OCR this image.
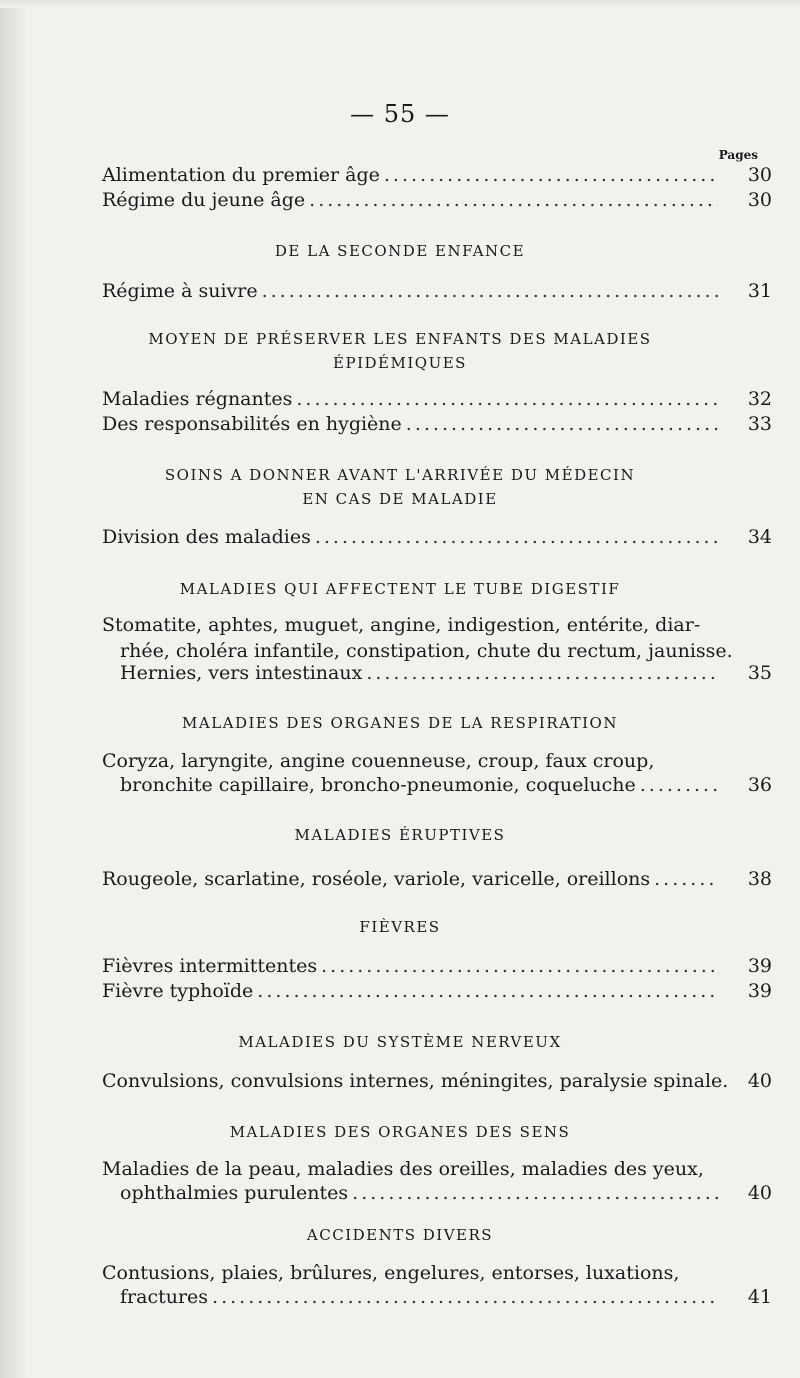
— 55 —
Pages
Alimentation du premier âge .....	30
Régime du jeune âge .....	30
DE LA SECONDE ENFANCE
Régime à suivre .....	31
MOYEN DE PRÉSERVER LES ENFANTS DES MALADIES
ÉPIDÉMIQUES
Maladies régnantes .....	32
Des responsabilités en hygiène .....	33
SOINS A DONNER AVANT L'ARRIVÉE DU MÉDECIN
EN CAS DE MALADIE
Division des maladies .....	34
MALADIES QUI AFFECTENT LE TUBE DIGESTIF
Stomatite, aphtes, muguet, angine, indigestion, entérite, diar-
rhée, choléra infantile, constipation, chute du rectum, jaunisse.
Hernies, vers intestinaux .....	35
MALADIES DES ORGANES DE LA RESPIRATION
Coryza, laryngite, angine couenneuse, croup, faux croup,
bronchite capillaire, broncho-pneumonie, coqueluche .....	36
MALADIES ÉRUPTIVES
Rougeole, scarlatine, roséole, variole, varicelle, oreillons .....	38
FIÈVRES
Fièvres intermittentes .....	39
Fièvre typhoïde .....	39
MALADIES DU SYSTÈME NERVEUX
Convulsions, convulsions internes, méningites, paralysie spinale.	40
MALADIES DES ORGANES DES SENS
Maladies de la peau, maladies des oreilles, maladies des yeux,
ophthalmies purulentes .....	40
ACCIDENTS DIVERS
Contusions, plaies, brûlures, engelures, entorses, luxations,
fractures .....	41
